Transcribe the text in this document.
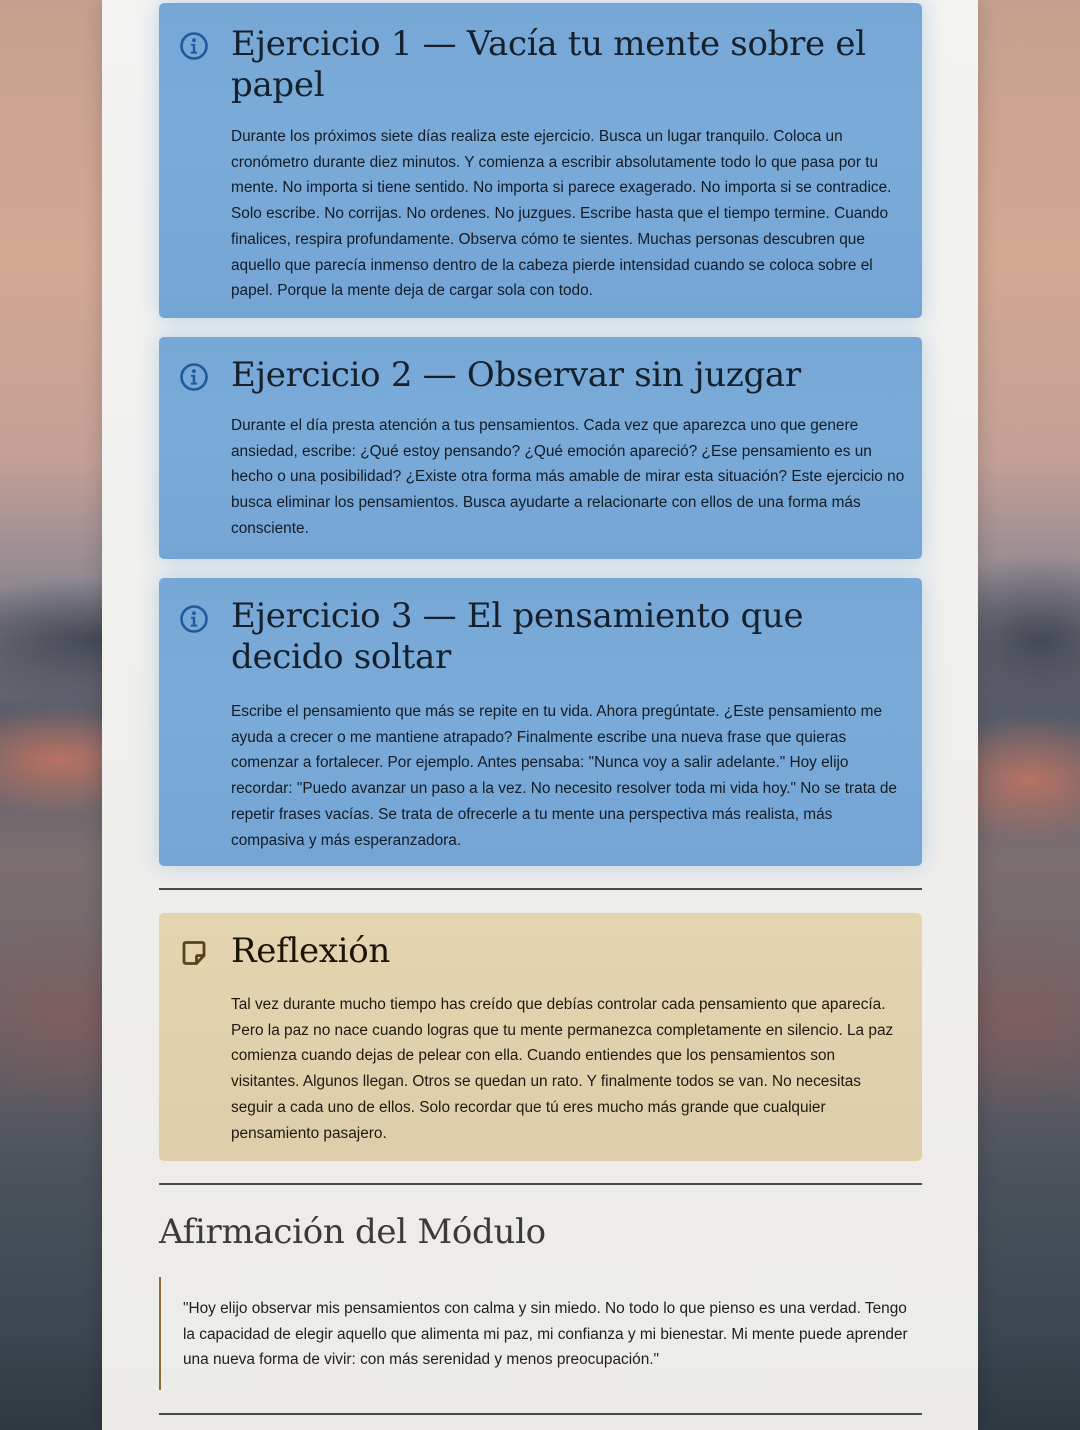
Ejercicio 1 — Vacía tu mente sobre el papel

Durante los próximos siete días realiza este ejercicio. Busca un lugar tranquilo. Coloca un cronómetro durante diez minutos. Y comienza a escribir absolutamente todo lo que pasa por tu mente. No importa si tiene sentido. No importa si parece exagerado. No importa si se contradice. Solo escribe. No corrijas. No ordenes. No juzgues. Escribe hasta que el tiempo termine. Cuando finalices, respira profundamente. Observa cómo te sientes. Muchas personas descubren que aquello que parecía inmenso dentro de la cabeza pierde intensidad cuando se coloca sobre el papel. Porque la mente deja de cargar sola con todo.

Ejercicio 2 — Observar sin juzgar

Durante el día presta atención a tus pensamientos. Cada vez que aparezca uno que genere ansiedad, escribe: ¿Qué estoy pensando? ¿Qué emoción apareció? ¿Ese pensamiento es un hecho o una posibilidad? ¿Existe otra forma más amable de mirar esta situación? Este ejercicio no busca eliminar los pensamientos. Busca ayudarte a relacionarte con ellos de una forma más consciente.

Ejercicio 3 — El pensamiento que decido soltar

Escribe el pensamiento que más se repite en tu vida. Ahora pregúntate. ¿Este pensamiento me ayuda a crecer o me mantiene atrapado? Finalmente escribe una nueva frase que quieras comenzar a fortalecer. Por ejemplo. Antes pensaba: "Nunca voy a salir adelante." Hoy elijo recordar: "Puedo avanzar un paso a la vez. No necesito resolver toda mi vida hoy." No se trata de repetir frases vacías. Se trata de ofrecerle a tu mente una perspectiva más realista, más compasiva y más esperanzadora.

Reflexión

Tal vez durante mucho tiempo has creído que debías controlar cada pensamiento que aparecía. Pero la paz no nace cuando logras que tu mente permanezca completamente en silencio. La paz comienza cuando dejas de pelear con ella. Cuando entiendes que los pensamientos son visitantes. Algunos llegan. Otros se quedan un rato. Y finalmente todos se van. No necesitas seguir a cada uno de ellos. Solo recordar que tú eres mucho más grande que cualquier pensamiento pasajero.

Afirmación del Módulo

"Hoy elijo observar mis pensamientos con calma y sin miedo. No todo lo que pienso es una verdad. Tengo la capacidad de elegir aquello que alimenta mi paz, mi confianza y mi bienestar. Mi mente puede aprender una nueva forma de vivir: con más serenidad y menos preocupación."
